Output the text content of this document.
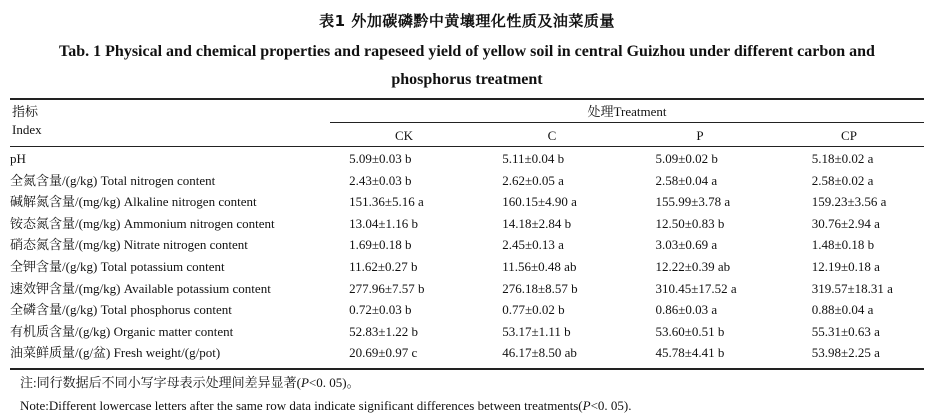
表1 外加碳磷黔中黄壤理化性质及油菜质量
Tab. 1 Physical and chemical properties and rapeseed yield of yellow soil in central Guizhou under different carbon and phosphorus treatment
指标
Index
处理Treatment
CK	C	P	CP
pH	5.09±0.03 b	5.11±0.04 b	5.09±0.02 b	5.18±0.02 a
全氮含量/(g/kg) Total nitrogen content	2.43±0.03 b	2.62±0.05 a	2.58±0.04 a	2.58±0.02 a
碱解氮含量/(mg/kg) Alkaline nitrogen content	151.36±5.16 a	160.15±4.90 a	155.99±3.78 a	159.23±3.56 a
铵态氮含量/(mg/kg) Ammonium nitrogen content	13.04±1.16 b	14.18±2.84 b	12.50±0.83 b	30.76±2.94 a
硝态氮含量/(mg/kg) Nitrate nitrogen content	1.69±0.18 b	2.45±0.13 a	3.03±0.69 a	1.48±0.18 b
全钾含量/(g/kg) Total potassium content	11.62±0.27 b	11.56±0.48 ab	12.22±0.39 ab	12.19±0.18 a
速效钾含量/(mg/kg) Available potassium content	277.96±7.57 b	276.18±8.57 b	310.45±17.52 a	319.57±18.31 a
全磷含量/(g/kg) Total phosphorus content	0.72±0.03 b	0.77±0.02 b	0.86±0.03 a	0.88±0.04 a
有机质含量/(g/kg) Organic matter content	52.83±1.22 b	53.17±1.11 b	53.60±0.51 b	55.31±0.63 a
油菜鲜质量/(g/盆) Fresh weight/(g/pot)	20.69±0.97 c	46.17±8.50 ab	45.78±4.41 b	53.98±2.25 a
注:同行数据后不同小写字母表示处理间差异显著(P<0. 05)。
Note:Different lowercase letters after the same row data indicate significant differences between treatments(P<0. 05).
